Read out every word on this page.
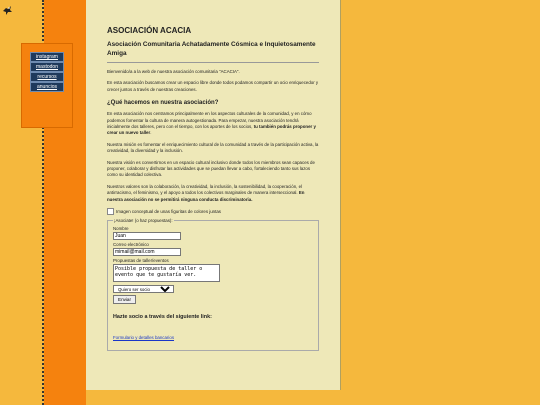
instagram
mastodon
recursos
anuncios
ASOCIACIÓN ACACIA
Asociación Comunitaria Achatadamente Cósmica e Inquietosamente Amiga

Bienvenido/a a la web de nuestra asociación comunitaria "ACACIA".

En esta asociación buscamos crear un espacio libre donde todos podamos compartir un ocio enriquecedor y crecer juntos a través de nuestras creaciones.

¿Qué hacemos en nuestra asociación?

En esta asociación nos centramos principalmente en los aspectos culturales de la comunidad, y en cómo podemos fomentar la cultura de manera autogestionada. Para empezar, nuestra asociación tendrá inicialmente dos talleres, pero con el tiempo, con los aportes de los socios, tu también podrás proponer y crear un nuevo taller.

Nuestra misión es fomentar el enriquecimiento cultural de la comunidad a través de la participación activa, la creatividad, la diversidad y la inclusión.

Nuestra visión es convertirnos en un espacio cultural inclusivo donde todos los miembros sean capaces de proponer, colaborar y disfrutar las actividades que se puedan llevar a cabo, fortaleciendo tanto sus lazos como su identidad colectiva.

Nuestros valores son la colaboración, la creatividad, la inclusión, la sostenibilidad, la cooperación, el antirracismo, el feminismo, y el apoyo a todos los colectivos marginales de manera interseccional. En nuestra asociación no se permitirá ninguna conducta discriminatoria.

Imagen conceptual de unas figuritas de colores juntas
¡Asociate! (o haz propuestas):
Nombre
Juan
Correo electrónico
mimail@mail.com
Propuestas de taller/eventos
Posible propuesta de taller o evento que te gustaría ver.
Quiero ser socio
Enviar
Hazte socio a través del siguiente link:
Formulario y detalles bancarios
